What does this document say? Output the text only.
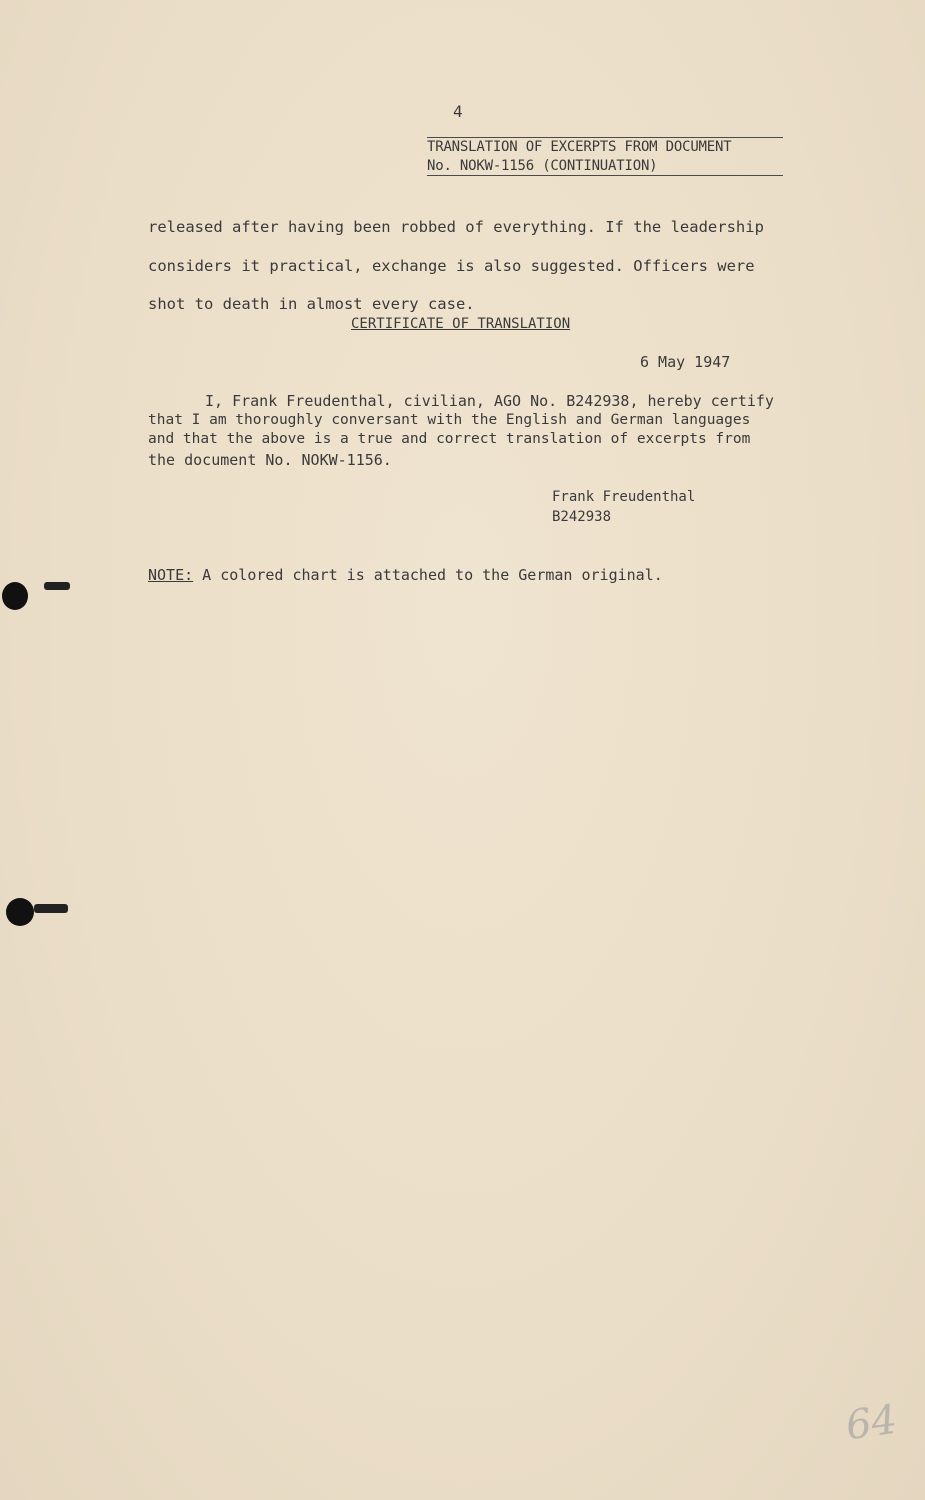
4
TRANSLATION OF EXCERPTS FROM DOCUMENT
No. NOKW-1156 (CONTINUATION)
released after having been robbed of everything. If the leadership
considers it practical, exchange is also suggested. Officers were
shot to death in almost every case.
CERTIFICATE OF TRANSLATION
6 May 1947
I, Frank Freudenthal, civilian, AGO No. B242938, hereby certify
that I am thoroughly conversant with the English and German languages
and that the above is a true and correct translation of excerpts from
the document No. NOKW-1156.
Frank Freudenthal
B242938
NOTE: A colored chart is attached to the German original.
64
